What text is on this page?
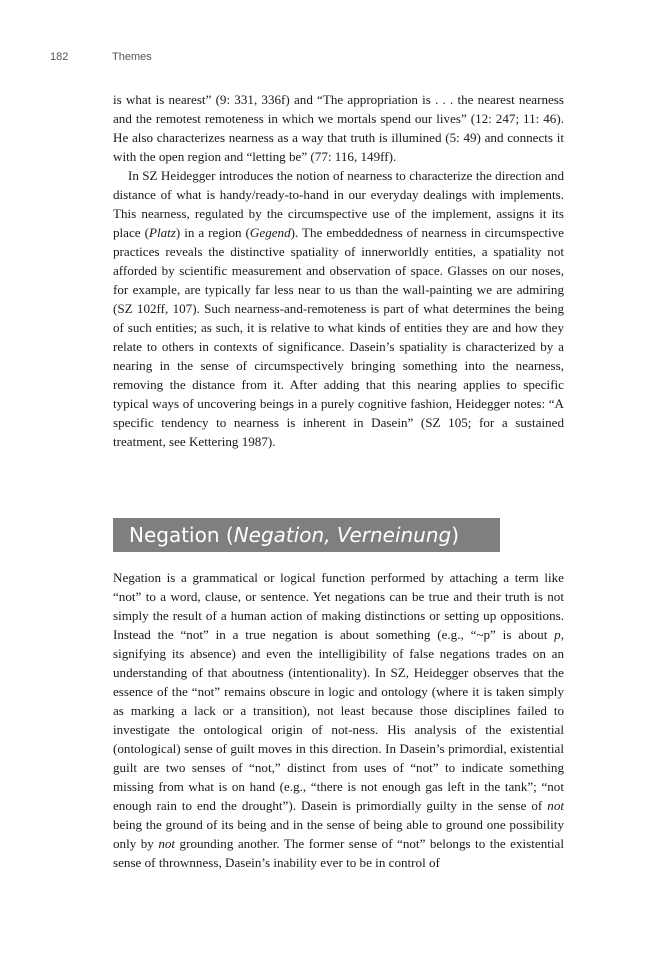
182	Themes

is what is nearest” (9: 331, 336f) and “The appropriation is . . . the nearest nearness and the remotest remoteness in which we mortals spend our lives” (12: 247; 11: 46). He also characterizes nearness as a way that truth is illumined (5: 49) and connects it with the open region and “letting be” (77: 116, 149ff).

In SZ Heidegger introduces the notion of nearness to characterize the direction and distance of what is handy/ready-to-hand in our everyday dealings with implements. This nearness, regulated by the circumspective use of the implement, assigns it its place (Platz) in a region (Gegend). The embeddedness of nearness in circumspective practices reveals the distinctive spatiality of innerworldly entities, a spatiality not afforded by scientific measurement and observation of space. Glasses on our noses, for example, are typically far less near to us than the wall-painting we are admiring (SZ 102ff, 107). Such nearness-and-remoteness is part of what determines the being of such entities; as such, it is relative to what kinds of entities they are and how they relate to others in contexts of significance. Dasein’s spatiality is characterized by a nearing in the sense of circumspectively bringing something into the nearness, removing the distance from it. After adding that this nearing applies to specific typical ways of uncovering beings in a purely cognitive fashion, Heidegger notes: “A specific tendency to nearness is inherent in Dasein” (SZ 105; for a sustained treatment, see Kettering 1987).

Negation (Negation, Verneinung)

Negation is a grammatical or logical function performed by attaching a term like “not” to a word, clause, or sentence. Yet negations can be true and their truth is not simply the result of a human action of making distinctions or setting up oppositions. Instead the “not” in a true negation is about something (e.g., “~p” is about p, signifying its absence) and even the intelligibility of false negations trades on an understanding of that aboutness (intentionality). In SZ, Heidegger observes that the essence of the “not” remains obscure in logic and ontology (where it is taken simply as marking a lack or a transition), not least because those disciplines failed to investigate the ontological origin of not-ness. His analysis of the existential (ontological) sense of guilt moves in this direction. In Dasein’s primordial, existential guilt are two senses of “not,” distinct from uses of “not” to indicate something missing from what is on hand (e.g., “there is not enough gas left in the tank”; “not enough rain to end the drought”). Dasein is primordially guilty in the sense of not being the ground of its being and in the sense of being able to ground one possibility only by not grounding another. The former sense of “not” belongs to the existential sense of thrownness, Dasein’s inability ever to be in control of
